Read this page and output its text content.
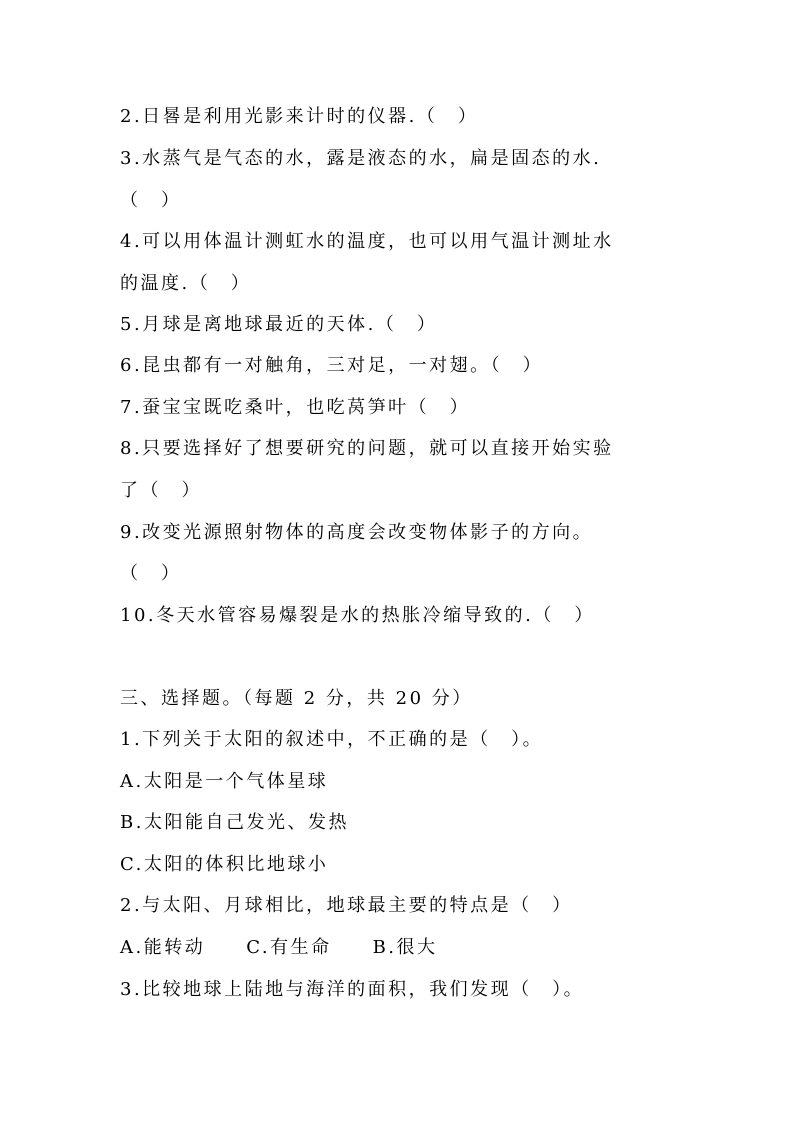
2.日晷是利用光影来计时的仪器.（　）
3.水蒸气是气态的水，露是液态的水，扁是固态的水.
（　）
4.可以用体温计测虹水的温度，也可以用气温计测址水
的温度.（　）
5.月球是离地球最近的天体.（　）
6.昆虫都有一对触角，三对足，一对翅。（　）
7.蚕宝宝既吃桑叶，也吃莴笋叶（　）
8.只要选择好了想要研究的问题，就可以直接开始实验
了（　）
9.改变光源照射物体的高度会改变物体影子的方向。
（　）
10.冬天水管容易爆裂是水的热胀冷缩导致的.（　）
三、选择题。（每题 2 分，共 20 分）
1.下列关于太阳的叙述中，不正确的是（　）。
A.太阳是一个气体星球
B.太阳能自己发光、发热
C.太阳的体积比地球小
2.与太阳、月球相比，地球最主要的特点是（　）
A.能转动　　C.有生命　　B.很大
3.比较地球上陆地与海洋的面积，我们发现（　）。
